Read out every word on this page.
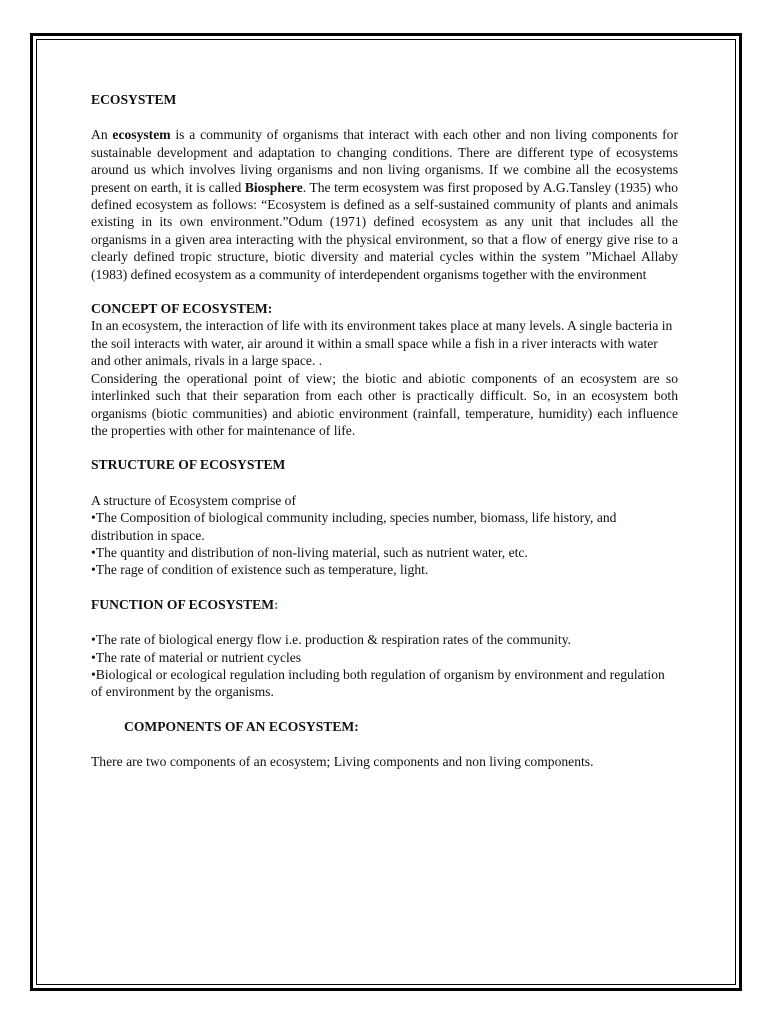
ECOSYSTEM

An ecosystem is a community of organisms that interact with each other and non living components for sustainable development and adaptation to changing conditions. There are different type of ecosystems around us which involves living organisms and non living organisms. If we combine all the ecosystems present on earth, it is called Biosphere. The term ecosystem was first proposed by A.G.Tansley (1935) who defined ecosystem as follows: “Ecosystem is defined as a self-sustained community of plants and animals existing in its own environment.”Odum (1971) defined ecosystem as any unit that includes all the organisms in a given area interacting with the physical environment, so that a flow of energy give rise to a clearly defined tropic structure, biotic diversity and material cycles within the system ”Michael Allaby (1983) defined ecosystem as a community of interdependent organisms together with the environment

CONCEPT OF ECOSYSTEM:

In an ecosystem, the interaction of life with its environment takes place at many levels. A single bacteria in the soil interacts with water, air around it within a small space while a fish in a river interacts with water and other animals, rivals in a large space. .

Considering the operational point of view; the biotic and abiotic components of an ecosystem are so interlinked such that their separation from each other is practically difficult. So, in an ecosystem both organisms (biotic communities) and abiotic environment (rainfall, temperature, humidity) each influence the properties with other for maintenance of life.

STRUCTURE OF ECOSYSTEM

A structure of Ecosystem comprise of

•The Composition of biological community including, species number, biomass, life history, and distribution in space.

•The quantity and distribution of non-living material, such as nutrient water, etc.

•The rage of condition of existence such as temperature, light.

FUNCTION OF ECOSYSTEM:

•The rate of biological energy flow i.e. production & respiration rates of the community.

•The rate of material or nutrient cycles

•Biological or ecological regulation including both regulation of organism by environment and regulation of environment by the organisms.

COMPONENTS OF AN ECOSYSTEM:

There are two components of an ecosystem; Living components and non living components.
